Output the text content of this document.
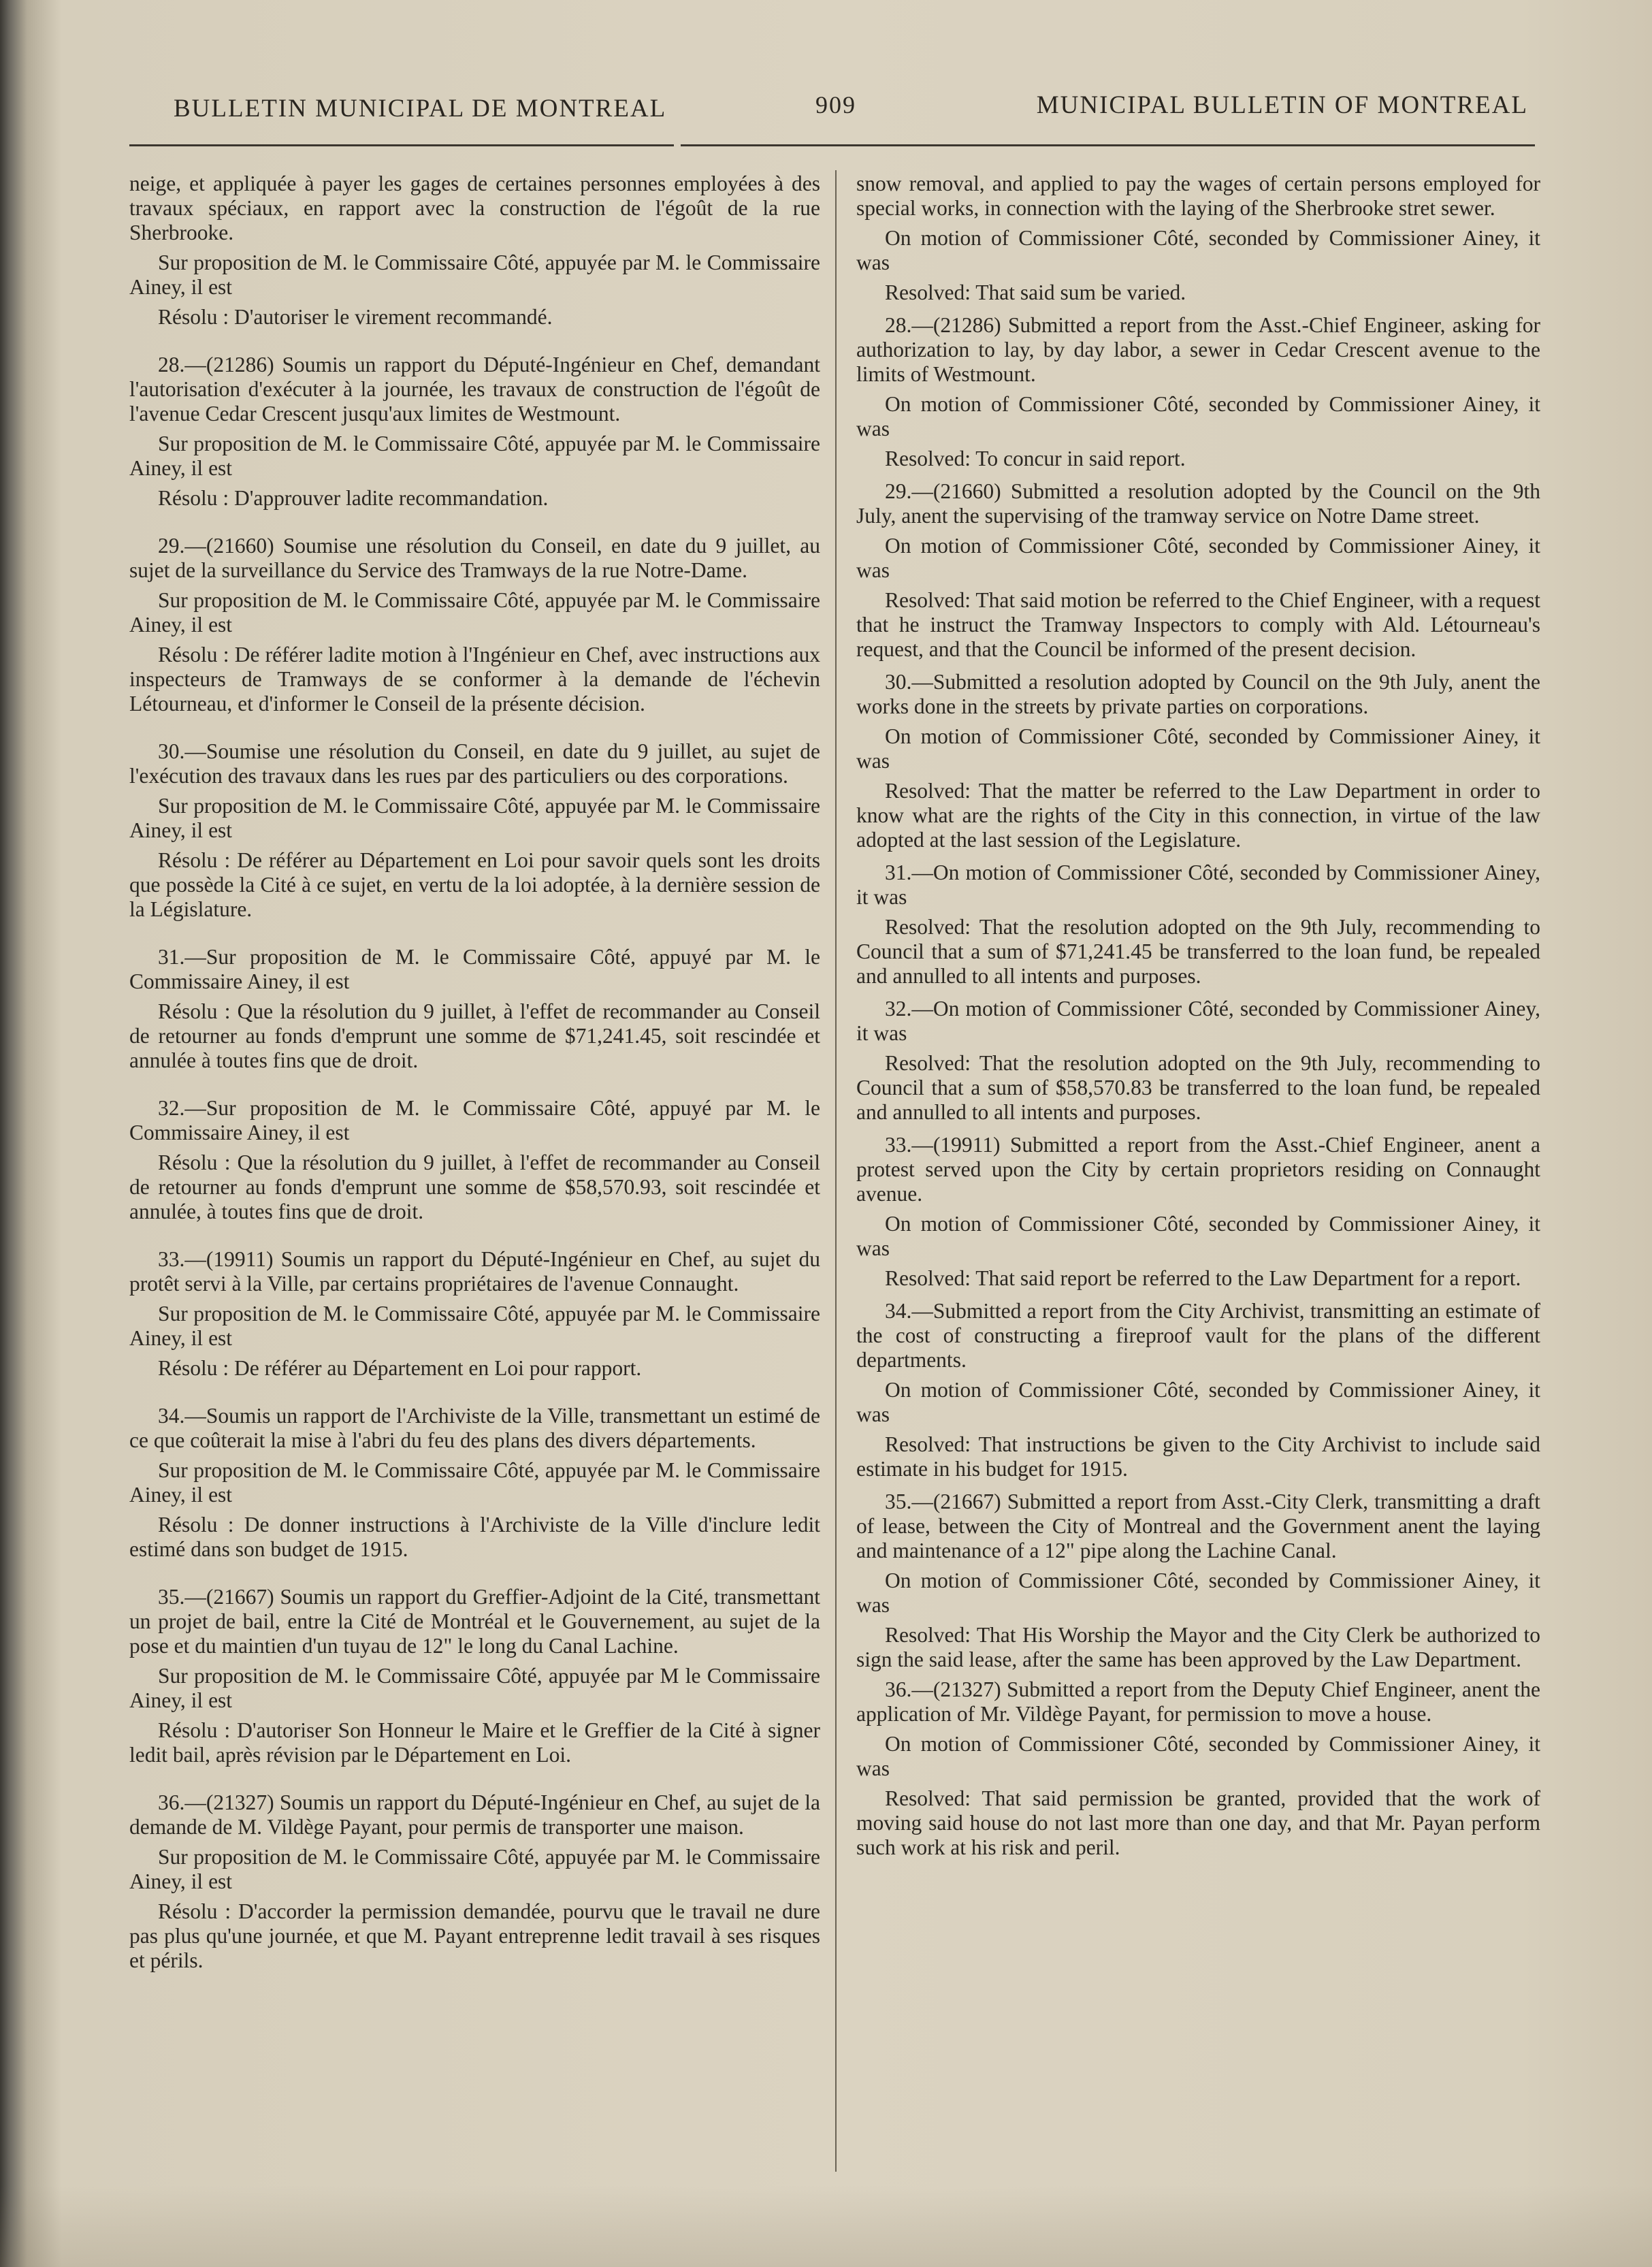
BULLETIN MUNICIPAL DE MONTREAL	909	MUNICIPAL BULLETIN OF MONTREAL

neige, et appliquée à payer les gages de certaines personnes employées à des travaux spéciaux, en rapport avec la construction de l'égoût de la rue Sherbrooke.

Sur proposition de M. le Commissaire Côté, appuyée par M. le Commissaire Ainey, il est

Résolu : D'autoriser le virement recommandé.

28.—(21286) Soumis un rapport du Député-Ingénieur en Chef, demandant l'autorisation d'exécuter à la journée, les travaux de construction de l'égoût de l'avenue Cedar Crescent jusqu'aux limites de Westmount.

Sur proposition de M. le Commissaire Côté, appuyée par M. le Commissaire Ainey, il est

Résolu : D'approuver ladite recommandation.

29.—(21660) Soumise une résolution du Conseil, en date du 9 juillet, au sujet de la surveillance du Service des Tramways de la rue Notre-Dame.

Sur proposition de M. le Commissaire Côté, appuyée par M. le Commissaire Ainey, il est

Résolu : De référer ladite motion à l'Ingénieur en Chef, avec instructions aux inspecteurs de Tramways de se conformer à la demande de l'échevin Létourneau, et d'informer le Conseil de la présente décision.

30.—Soumise une résolution du Conseil, en date du 9 juillet, au sujet de l'exécution des travaux dans les rues par des particuliers ou des corporations.

Sur proposition de M. le Commissaire Côté, appuyée par M. le Commissaire Ainey, il est

Résolu : De référer au Département en Loi pour savoir quels sont les droits que possède la Cité à ce sujet, en vertu de la loi adoptée, à la dernière session de la Législature.

31.—Sur proposition de M. le Commissaire Côté, appuyé par M. le Commissaire Ainey, il est

Résolu : Que la résolution du 9 juillet, à l'effet de recommander au Conseil de retourner au fonds d'emprunt une somme de $71,241.45, soit rescindée et annulée à toutes fins que de droit.

32.—Sur proposition de M. le Commissaire Côté, appuyé par M. le Commissaire Ainey, il est

Résolu : Que la résolution du 9 juillet, à l'effet de recommander au Conseil de retourner au fonds d'emprunt une somme de $58,570.93, soit rescindée et annulée, à toutes fins que de droit.

33.—(19911) Soumis un rapport du Député-Ingénieur en Chef, au sujet du protêt servi à la Ville, par certains propriétaires de l'avenue Connaught.

Sur proposition de M. le Commissaire Côté, appuyée par M. le Commissaire Ainey, il est

Résolu : De référer au Département en Loi pour rapport.

34.—Soumis un rapport de l'Archiviste de la Ville, transmettant un estimé de ce que coûterait la mise à l'abri du feu des plans des divers départements.

Sur proposition de M. le Commissaire Côté, appuyée par M. le Commissaire Ainey, il est

Résolu : De donner instructions à l'Archiviste de la Ville d'inclure ledit estimé dans son budget de 1915.

35.—(21667) Soumis un rapport du Greffier-Adjoint de la Cité, transmettant un projet de bail, entre la Cité de Montréal et le Gouvernement, au sujet de la pose et du maintien d'un tuyau de 12" le long du Canal Lachine.

Sur proposition de M. le Commissaire Côté, appuyée par M le Commissaire Ainey, il est

Résolu : D'autoriser Son Honneur le Maire et le Greffier de la Cité à signer ledit bail, après révision par le Département en Loi.

36.—(21327) Soumis un rapport du Député-Ingénieur en Chef, au sujet de la demande de M. Vildège Payant, pour permis de transporter une maison.

Sur proposition de M. le Commissaire Côté, appuyée par M. le Commissaire Ainey, il est

Résolu : D'accorder la permission demandée, pourvu que le travail ne dure pas plus qu'une journée, et que M. Payant entreprenne ledit travail à ses risques et périls.

snow removal, and applied to pay the wages of certain persons employed for special works, in connection with the laying of the Sherbrooke stret sewer.

On motion of Commissioner Côté, seconded by Commissioner Ainey, it was

Resolved: That said sum be varied.

28.—(21286) Submitted a report from the Asst.-Chief Engineer, asking for authorization to lay, by day labor, a sewer in Cedar Crescent avenue to the limits of Westmount.

On motion of Commissioner Côté, seconded by Commissioner Ainey, it was

Resolved: To concur in said report.

29.—(21660) Submitted a resolution adopted by the Council on the 9th July, anent the supervising of the tramway service on Notre Dame street.

On motion of Commissioner Côté, seconded by Commissioner Ainey, it was

Resolved: That said motion be referred to the Chief Engineer, with a request that he instruct the Tramway Inspectors to comply with Ald. Létourneau's request, and that the Council be informed of the present decision.

30.—Submitted a resolution adopted by Council on the 9th July, anent the works done in the streets by private parties on corporations.

On motion of Commissioner Côté, seconded by Commissioner Ainey, it was

Resolved: That the matter be referred to the Law Department in order to know what are the rights of the City in this connection, in virtue of the law adopted at the last session of the Legislature.

31.—On motion of Commissioner Côté, seconded by Commissioner Ainey, it was

Resolved: That the resolution adopted on the 9th July, recommending to Council that a sum of $71,241.45 be transferred to the loan fund, be repealed and annulled to all intents and purposes.

32.—On motion of Commissioner Côté, seconded by Commissioner Ainey, it was

Resolved: That the resolution adopted on the 9th July, recommending to Council that a sum of $58,570.83 be transferred to the loan fund, be repealed and annulled to all intents and purposes.

33.—(19911) Submitted a report from the Asst.-Chief Engineer, anent a protest served upon the City by certain proprietors residing on Connaught avenue.

On motion of Commissioner Côté, seconded by Commissioner Ainey, it was

Resolved: That said report be referred to the Law Department for a report.

34.—Submitted a report from the City Archivist, transmitting an estimate of the cost of constructing a fireproof vault for the plans of the different departments.

On motion of Commissioner Côté, seconded by Commissioner Ainey, it was

Resolved: That instructions be given to the City Archivist to include said estimate in his budget for 1915.

35.—(21667) Submitted a report from Asst.-City Clerk, transmitting a draft of lease, between the City of Montreal and the Government anent the laying and maintenance of a 12" pipe along the Lachine Canal.

On motion of Commissioner Côté, seconded by Commissioner Ainey, it was

Resolved: That His Worship the Mayor and the City Clerk be authorized to sign the said lease, after the same has been approved by the Law Department.

36.—(21327) Submitted a report from the Deputy Chief Engineer, anent the application of Mr. Vildège Payant, for permission to move a house.

On motion of Commissioner Côté, seconded by Commissioner Ainey, it was

Resolved: That said permission be granted, provided that the work of moving said house do not last more than one day, and that Mr. Payan perform such work at his risk and peril.
